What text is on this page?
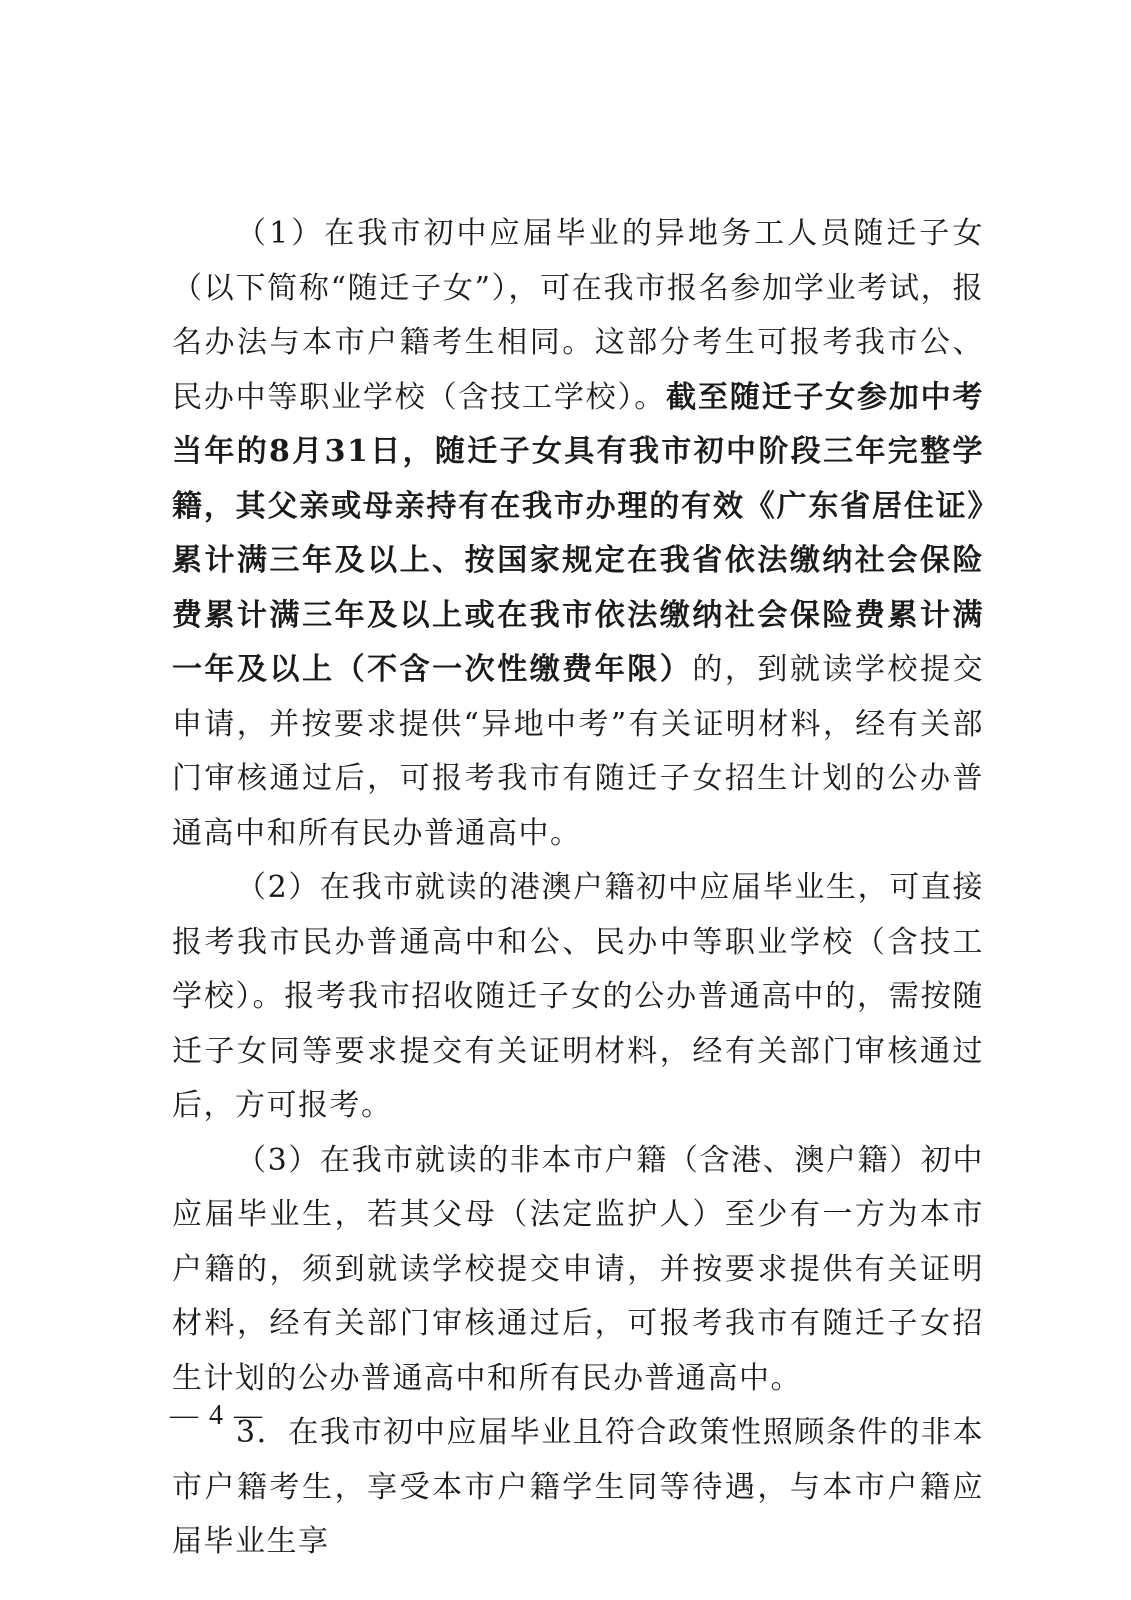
（1）在我市初中应届毕业的异地务工人员随迁子女（以下简称“随迁子女”），可在我市报名参加学业考试，报名办法与本市户籍考生相同。这部分考生可报考我市公、民办中等职业学校（含技工学校）。截至随迁子女参加中考当年的8月31日，随迁子女具有我市初中阶段三年完整学籍，其父亲或母亲持有在我市办理的有效《广东省居住证》累计满三年及以上、按国家规定在我省依法缴纳社会保险费累计满三年及以上或在我市依法缴纳社会保险费累计满一年及以上（不含一次性缴费年限）的，到就读学校提交申请，并按要求提供“异地中考”有关证明材料，经有关部门审核通过后，可报考我市有随迁子女招生计划的公办普通高中和所有民办普通高中。

（2）在我市就读的港澳户籍初中应届毕业生，可直接报考我市民办普通高中和公、民办中等职业学校（含技工学校）。报考我市招收随迁子女的公办普通高中的，需按随迁子女同等要求提交有关证明材料，经有关部门审核通过后，方可报考。

（3）在我市就读的非本市户籍（含港、澳户籍）初中应届毕业生，若其父母（法定监护人）至少有一方为本市户籍的，须到就读学校提交申请，并按要求提供有关证明材料，经有关部门审核通过后，可报考我市有随迁子女招生计划的公办普通高中和所有民办普通高中。

3．在我市初中应届毕业且符合政策性照顾条件的非本市户籍考生，享受本市户籍学生同等待遇，与本市户籍应届毕业生享

— 4 —
